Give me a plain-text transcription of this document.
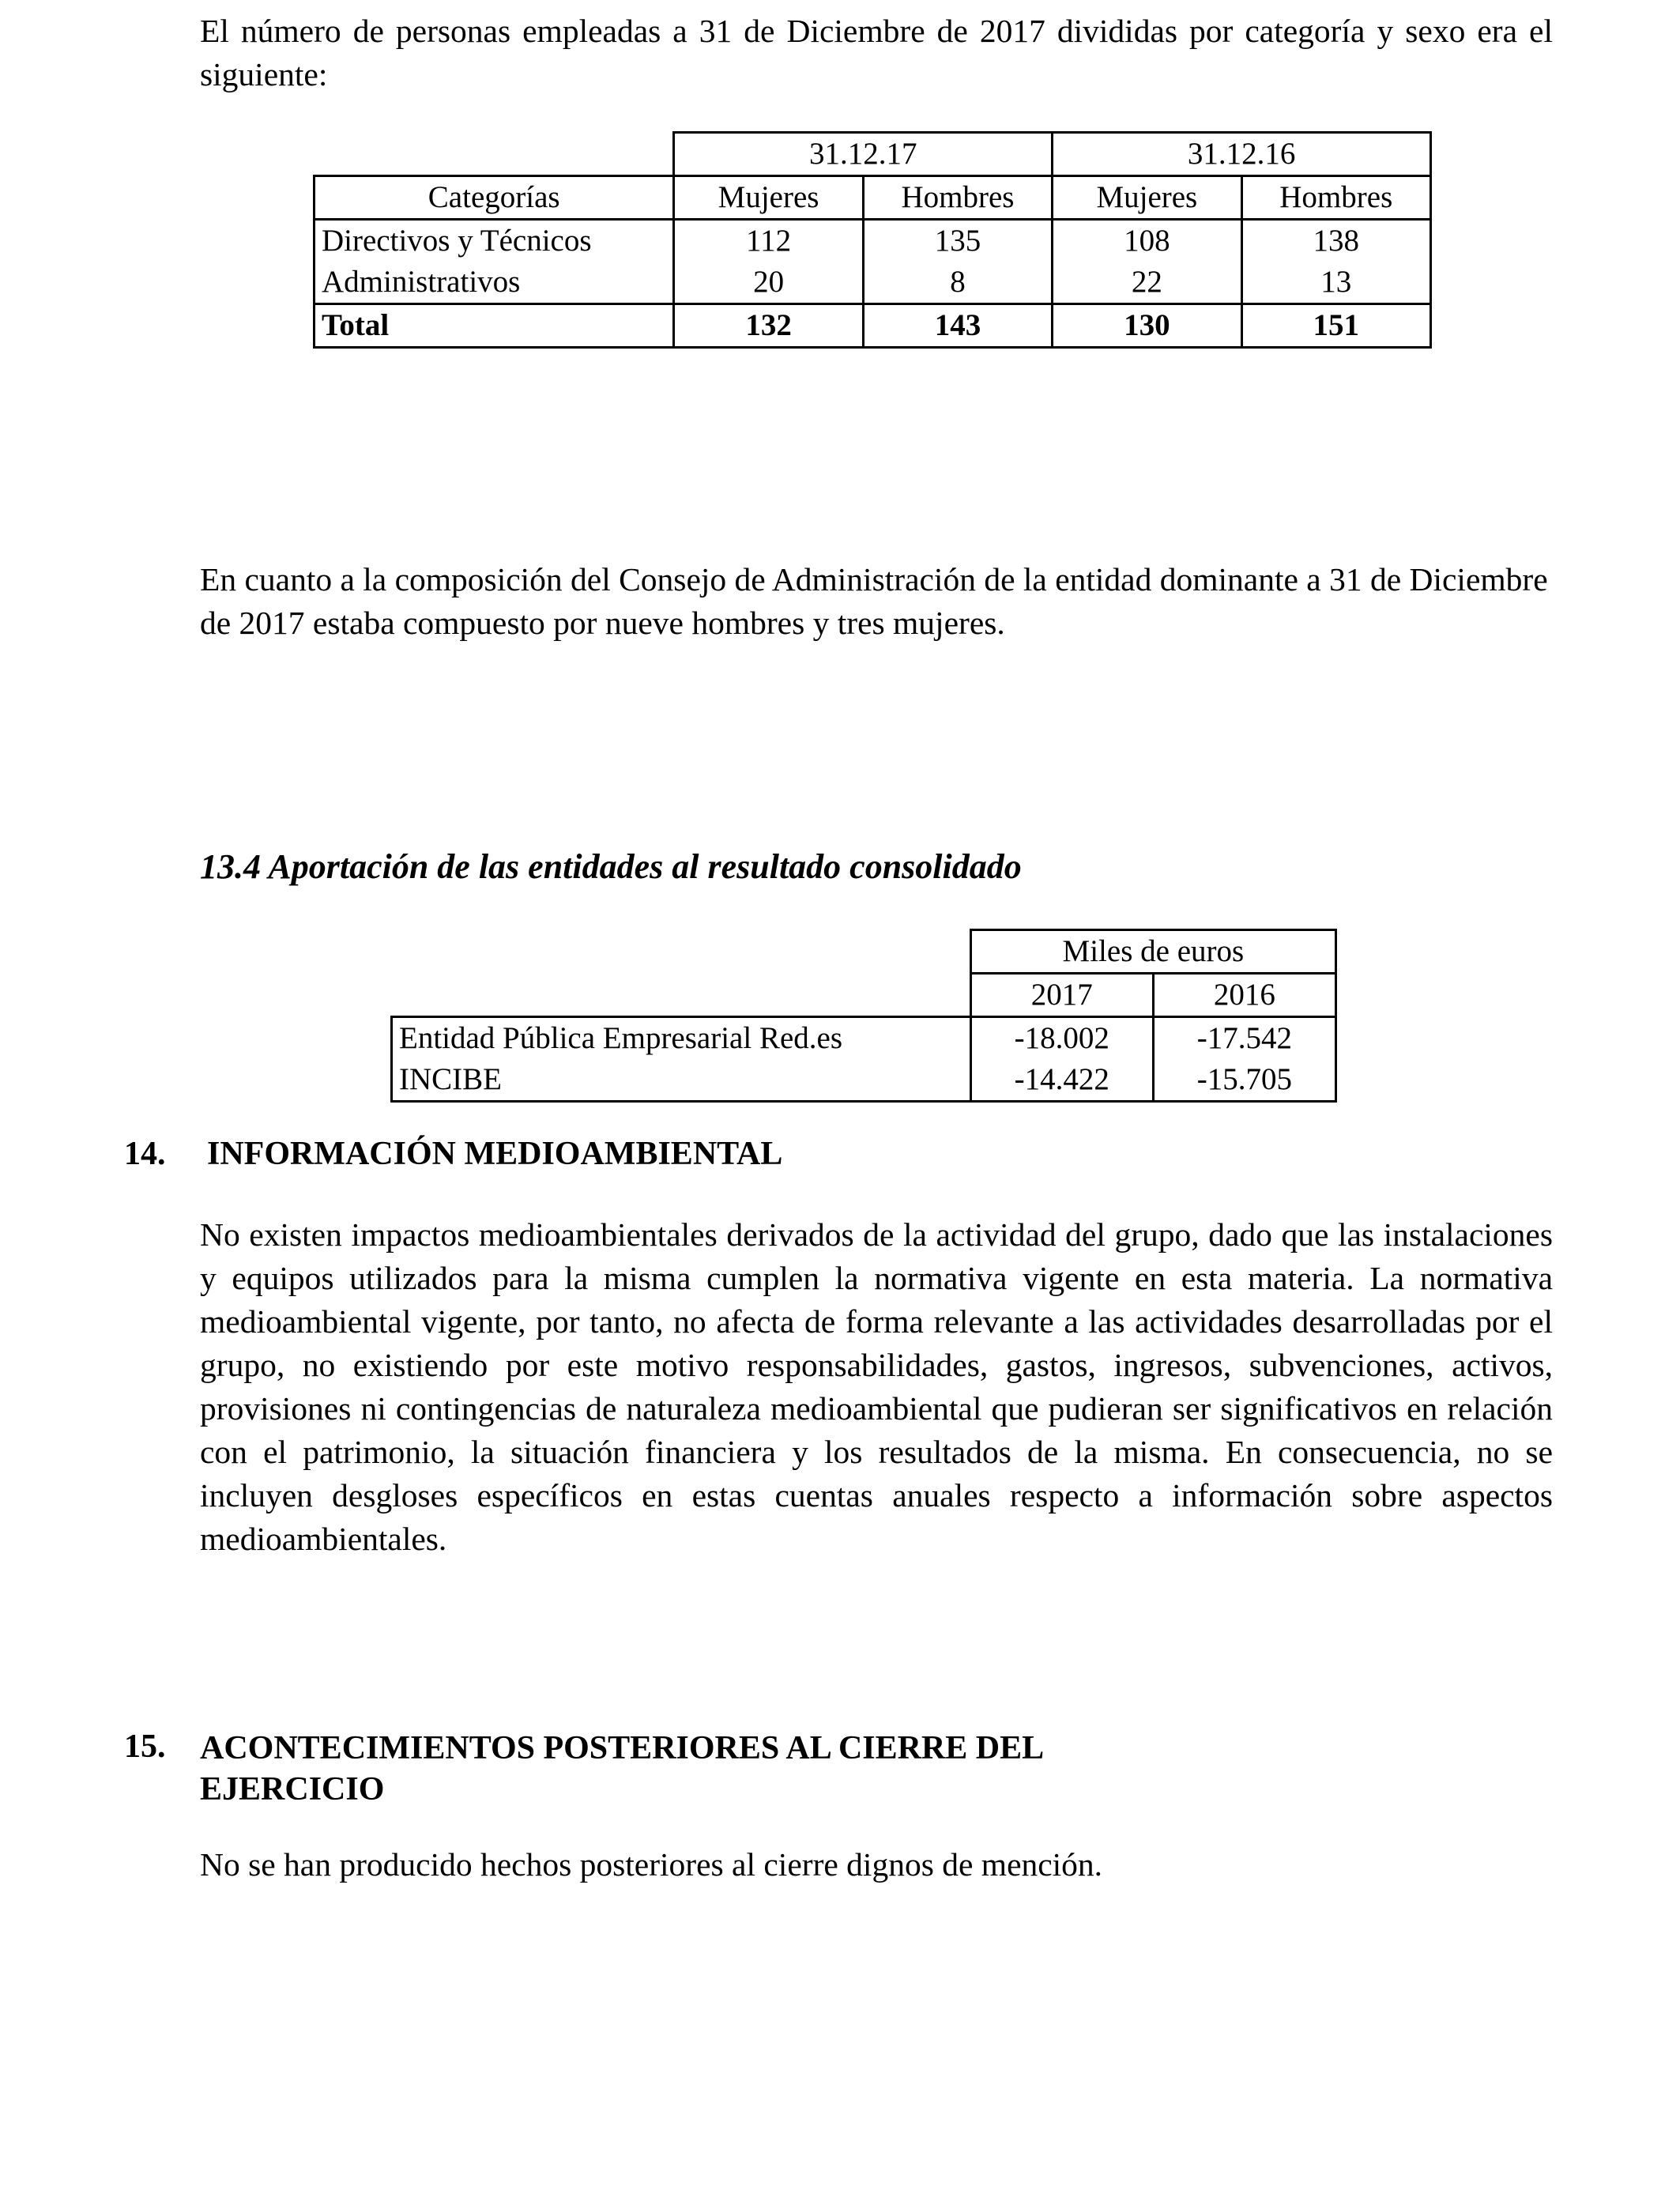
El número de personas empleadas a 31 de Diciembre de 2017 divididas por categoría y sexo era el siguiente:
	31.12.17		31.12.16	
Categorías	Mujeres	Hombres	Mujeres	Hombres
Directivos y Técnicos	112	135	108	138
Administrativos	20	8	22	13
Total	132	143	130	151
En cuanto a la composición del Consejo de Administración de la entidad dominante a 31 de Diciembre de 2017 estaba compuesto por nueve hombres y tres mujeres.
13.4 Aportación de las entidades al resultado consolidado
	Miles de euros	
	2017	2016
Entidad Pública Empresarial Red.es	-18.002	-17.542
INCIBE	-14.422	-15.705
14. INFORMACIÓN MEDIOAMBIENTAL
No existen impactos medioambientales derivados de la actividad del grupo, dado que las instalaciones y equipos utilizados para la misma cumplen la normativa vigente en esta materia. La normativa medioambiental vigente, por tanto, no afecta de forma relevante a las actividades desarrolladas por el grupo, no existiendo por este motivo responsabilidades, gastos, ingresos, subvenciones, activos, provisiones ni contingencias de naturaleza medioambiental que pudieran ser significativos en relación con el patrimonio, la situación financiera y los resultados de la misma. En consecuencia, no se incluyen desgloses específicos en estas cuentas anuales respecto a información sobre aspectos medioambientales.
15. ACONTECIMIENTOS POSTERIORES AL CIERRE DEL
EJERCICIO
No se han producido hechos posteriores al cierre dignos de mención.
